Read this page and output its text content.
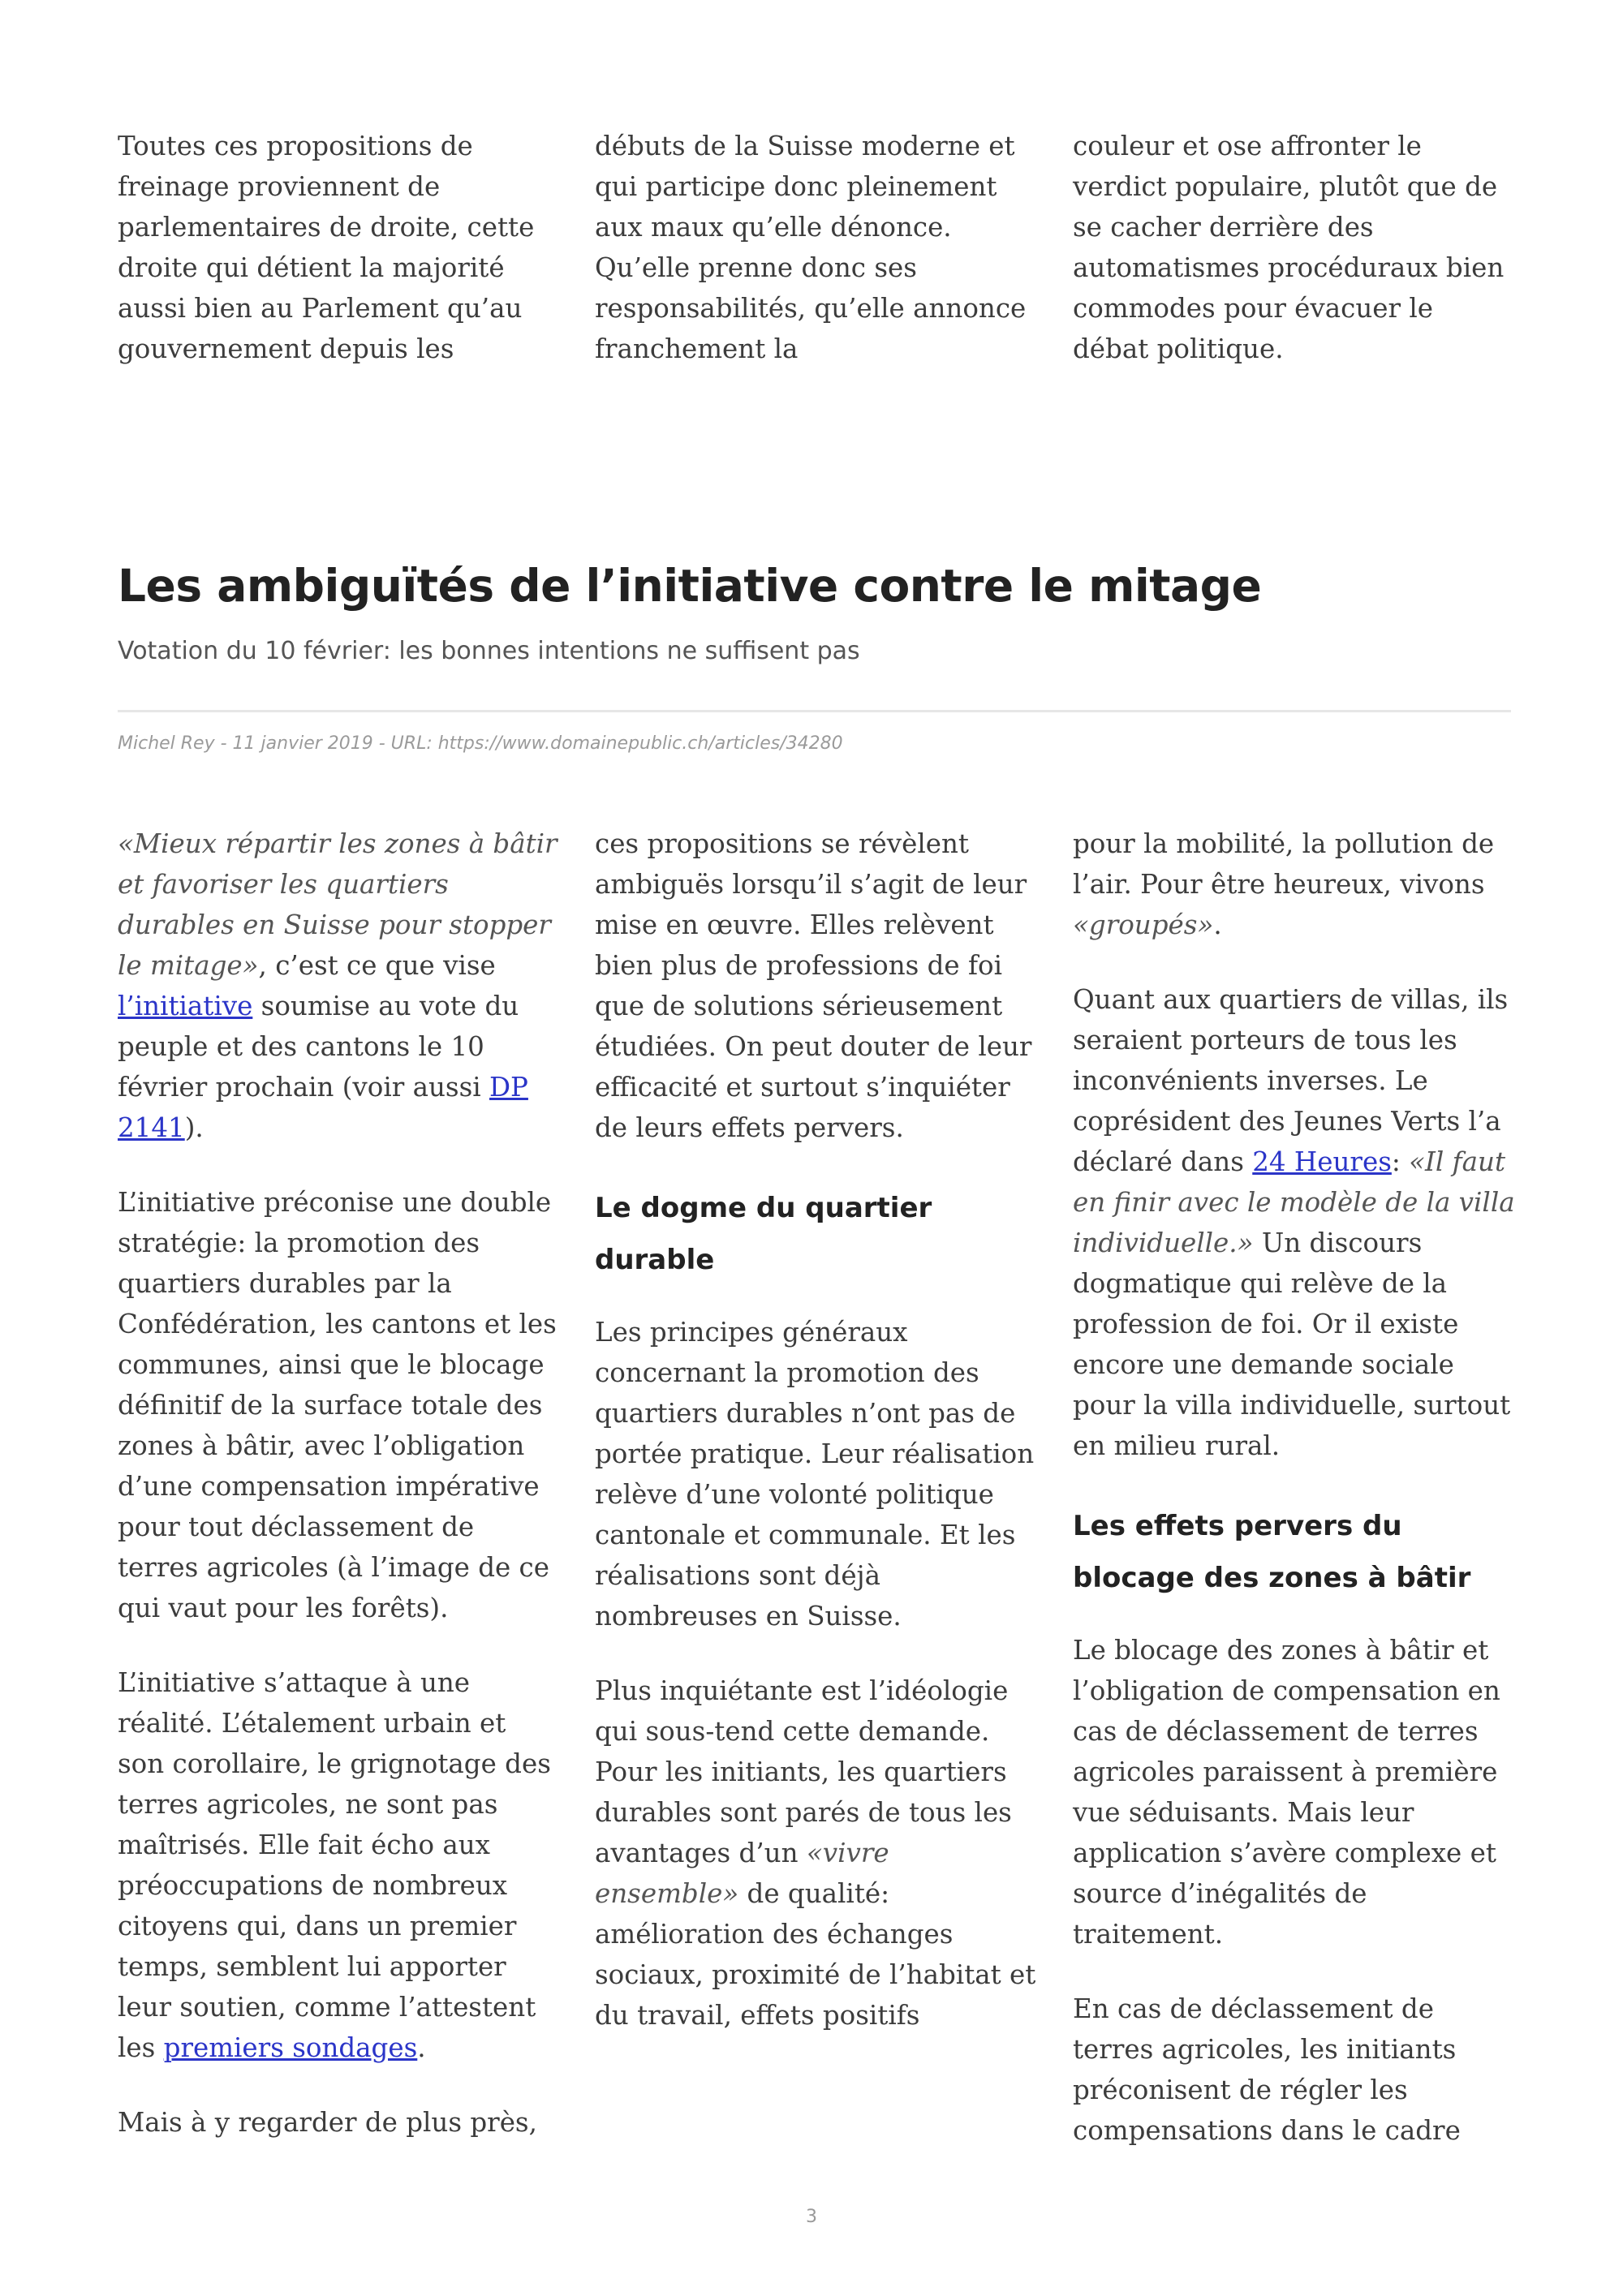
Toutes ces propositions de freinage proviennent de parlementaires de droite, cette droite qui détient la majorité aussi bien au Parlement qu’au gouvernement depuis les

débuts de la Suisse moderne et qui participe donc pleinement aux maux qu’elle dénonce. Qu’elle prenne donc ses responsabilités, qu’elle annonce franchement la

couleur et ose affronter le verdict populaire, plutôt que de se cacher derrière des automatismes procéduraux bien commodes pour évacuer le débat politique.

Les ambiguïtés de l’initiative contre le mitage
Votation du 10 février: les bonnes intentions ne suffisent pas
Michel Rey - 11 janvier 2019 - URL: https://www.domainepublic.ch/articles/34280

«Mieux répartir les zones à bâtir et favoriser les quartiers durables en Suisse pour stopper le mitage», c’est ce que vise l’initiative soumise au vote du peuple et des cantons le 10 février prochain (voir aussi DP 2141).

L’initiative préconise une double stratégie: la promotion des quartiers durables par la Confédération, les cantons et les communes, ainsi que le blocage définitif de la surface totale des zones à bâtir, avec l’obligation d’une compensation impérative pour tout déclassement de terres agricoles (à l’image de ce qui vaut pour les forêts).

L’initiative s’attaque à une réalité. L’étalement urbain et son corollaire, le grignotage des terres agricoles, ne sont pas maîtrisés. Elle fait écho aux préoccupations de nombreux citoyens qui, dans un premier temps, semblent lui apporter leur soutien, comme l’attestent les premiers sondages.

Mais à y regarder de plus près,

ces propositions se révèlent ambiguës lorsqu’il s’agit de leur mise en œuvre. Elles relèvent bien plus de professions de foi que de solutions sérieusement étudiées. On peut douter de leur efficacité et surtout s’inquiéter de leurs effets pervers.

Le dogme du quartier durable

Les principes généraux concernant la promotion des quartiers durables n’ont pas de portée pratique. Leur réalisation relève d’une volonté politique cantonale et communale. Et les réalisations sont déjà nombreuses en Suisse.

Plus inquiétante est l’idéologie qui sous-tend cette demande. Pour les initiants, les quartiers durables sont parés de tous les avantages d’un «vivre ensemble» de qualité: amélioration des échanges sociaux, proximité de l’habitat et du travail, effets positifs

pour la mobilité, la pollution de l’air. Pour être heureux, vivons «groupés».

Quant aux quartiers de villas, ils seraient porteurs de tous les inconvénients inverses. Le coprésident des Jeunes Verts l’a déclaré dans 24 Heures: «Il faut en finir avec le modèle de la villa individuelle.» Un discours dogmatique qui relève de la profession de foi. Or il existe encore une demande sociale pour la villa individuelle, surtout en milieu rural.

Les effets pervers du blocage des zones à bâtir

Le blocage des zones à bâtir et l’obligation de compensation en cas de déclassement de terres agricoles paraissent à première vue séduisants. Mais leur application s’avère complexe et source d’inégalités de traitement.

En cas de déclassement de terres agricoles, les initiants préconisent de régler les compensations dans le cadre

3
